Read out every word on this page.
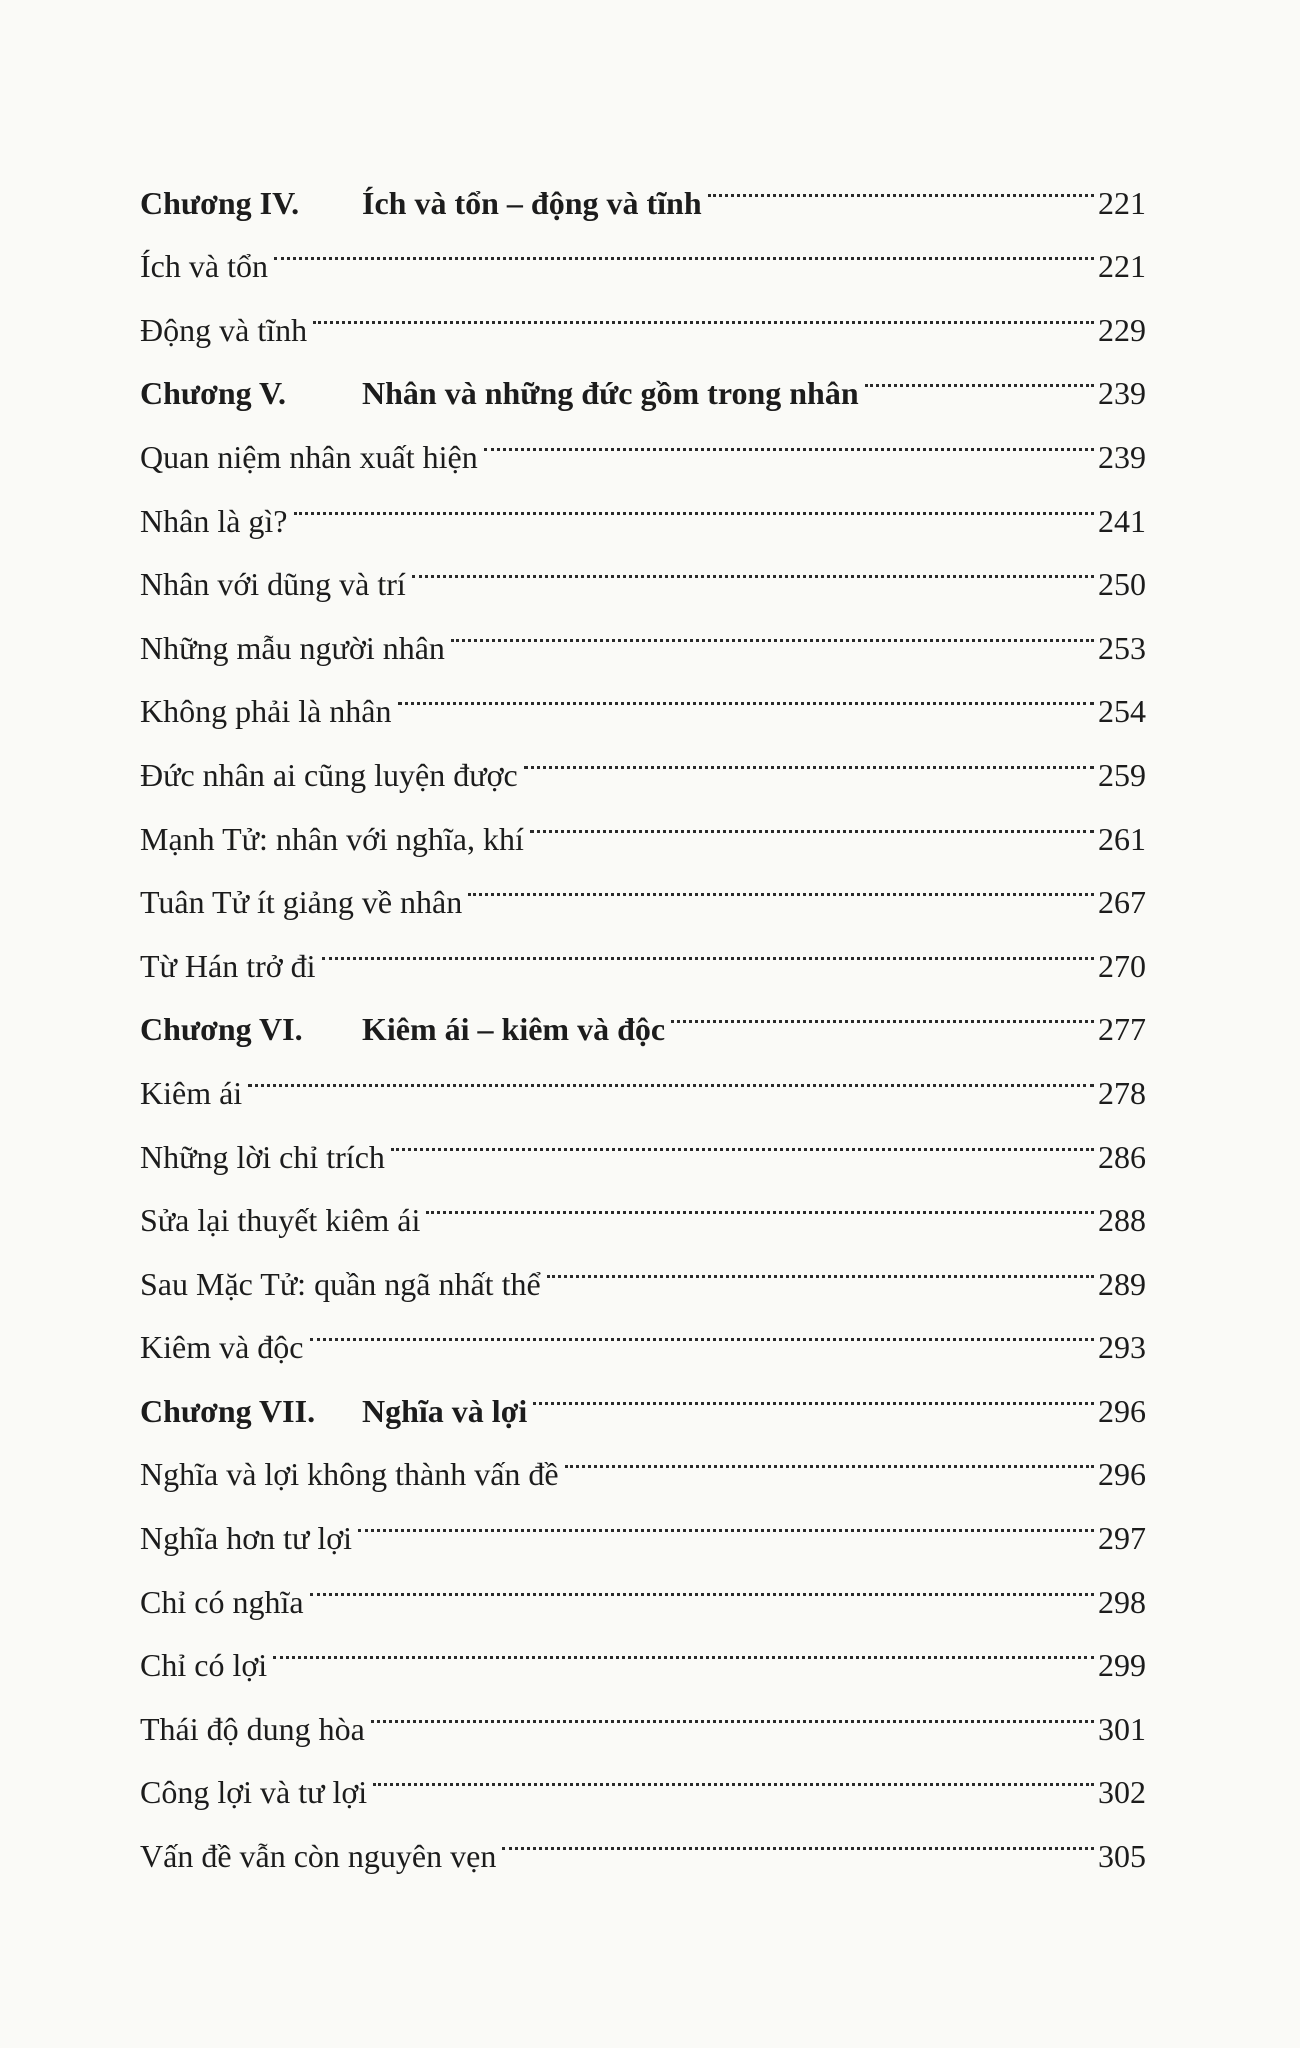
Chương IV.	Ích và tổn – động và tĩnh	221
Ích và tổn	221
Động và tĩnh	229
Chương V.	Nhân và những đức gồm trong nhân	239
Quan niệm nhân xuất hiện	239
Nhân là gì?	241
Nhân với dũng và trí	250
Những mẫu người nhân	253
Không phải là nhân	254
Đức nhân ai cũng luyện được	259
Mạnh Tử: nhân với nghĩa, khí	261
Tuân Tử ít giảng về nhân	267
Từ Hán trở đi	270
Chương VI.	Kiêm ái – kiêm và độc	277
Kiêm ái	278
Những lời chỉ trích	286
Sửa lại thuyết kiêm ái	288
Sau Mặc Tử: quần ngã nhất thể	289
Kiêm và độc	293
Chương VII.	Nghĩa và lợi	296
Nghĩa và lợi không thành vấn đề	296
Nghĩa hơn tư lợi	297
Chỉ có nghĩa	298
Chỉ có lợi	299
Thái độ dung hòa	301
Công lợi và tư lợi	302
Vấn đề vẫn còn nguyên vẹn	305
